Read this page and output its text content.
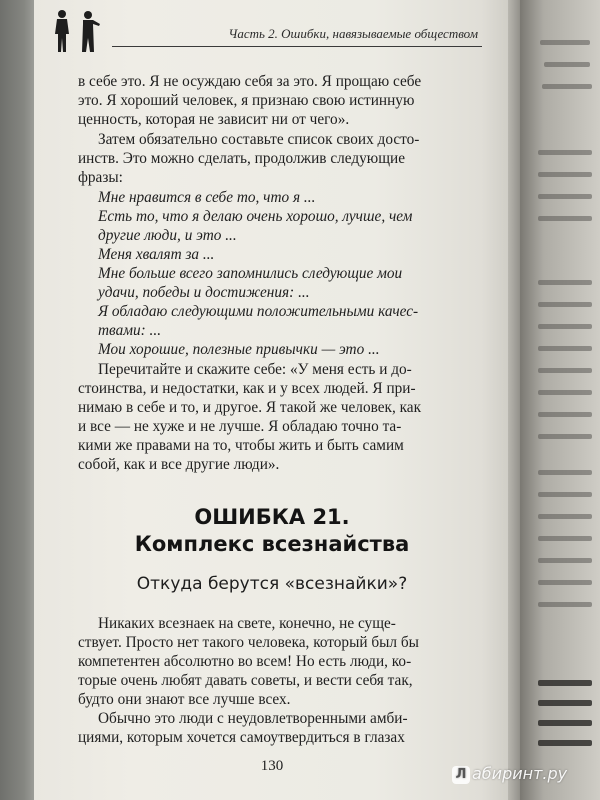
Часть 2. Ошибки, навязываемые обществом
в себе это. Я не осуждаю себя за это. Я прощаю себе
это. Я хороший человек, я признаю свою истинную
ценность, которая не зависит ни от чего».
Затем обязательно составьте список своих досто-
инств. Это можно сделать, продолжив следующие
фразы:
Мне нравится в себе то, что я ...
Есть то, что я делаю очень хорошо, лучше, чем
другие люди, и это ...
Меня хвалят за ...
Мне больше всего запомнились следующие мои
удачи, победы и достижения: ...
Я обладаю следующими положительными качес-
твами: ...
Мои хорошие, полезные привычки — это ...
Перечитайте и скажите себе: «У меня есть и до-
стоинства, и недостатки, как и у всех людей. Я при-
нимаю в себе и то, и другое. Я такой же человек, как
и все — не хуже и не лучше. Я обладаю точно та-
кими же правами на то, чтобы жить и быть самим
собой, как и все другие люди».
ОШИБКА 21.
Комплекс всезнайства
Откуда берутся «всезнайки»?
Никаких всезнаек на свете, конечно, не суще-
ствует. Просто нет такого человека, который был бы
компетентен абсолютно во всем! Но есть люди, ко-
торые очень любят давать советы, и вести себя так,
будто они знают все лучше всех.
Обычно это люди с неудовлетворенными амби-
циями, которым хочется самоутвердиться в глазах
130	Л абиринт.ру
